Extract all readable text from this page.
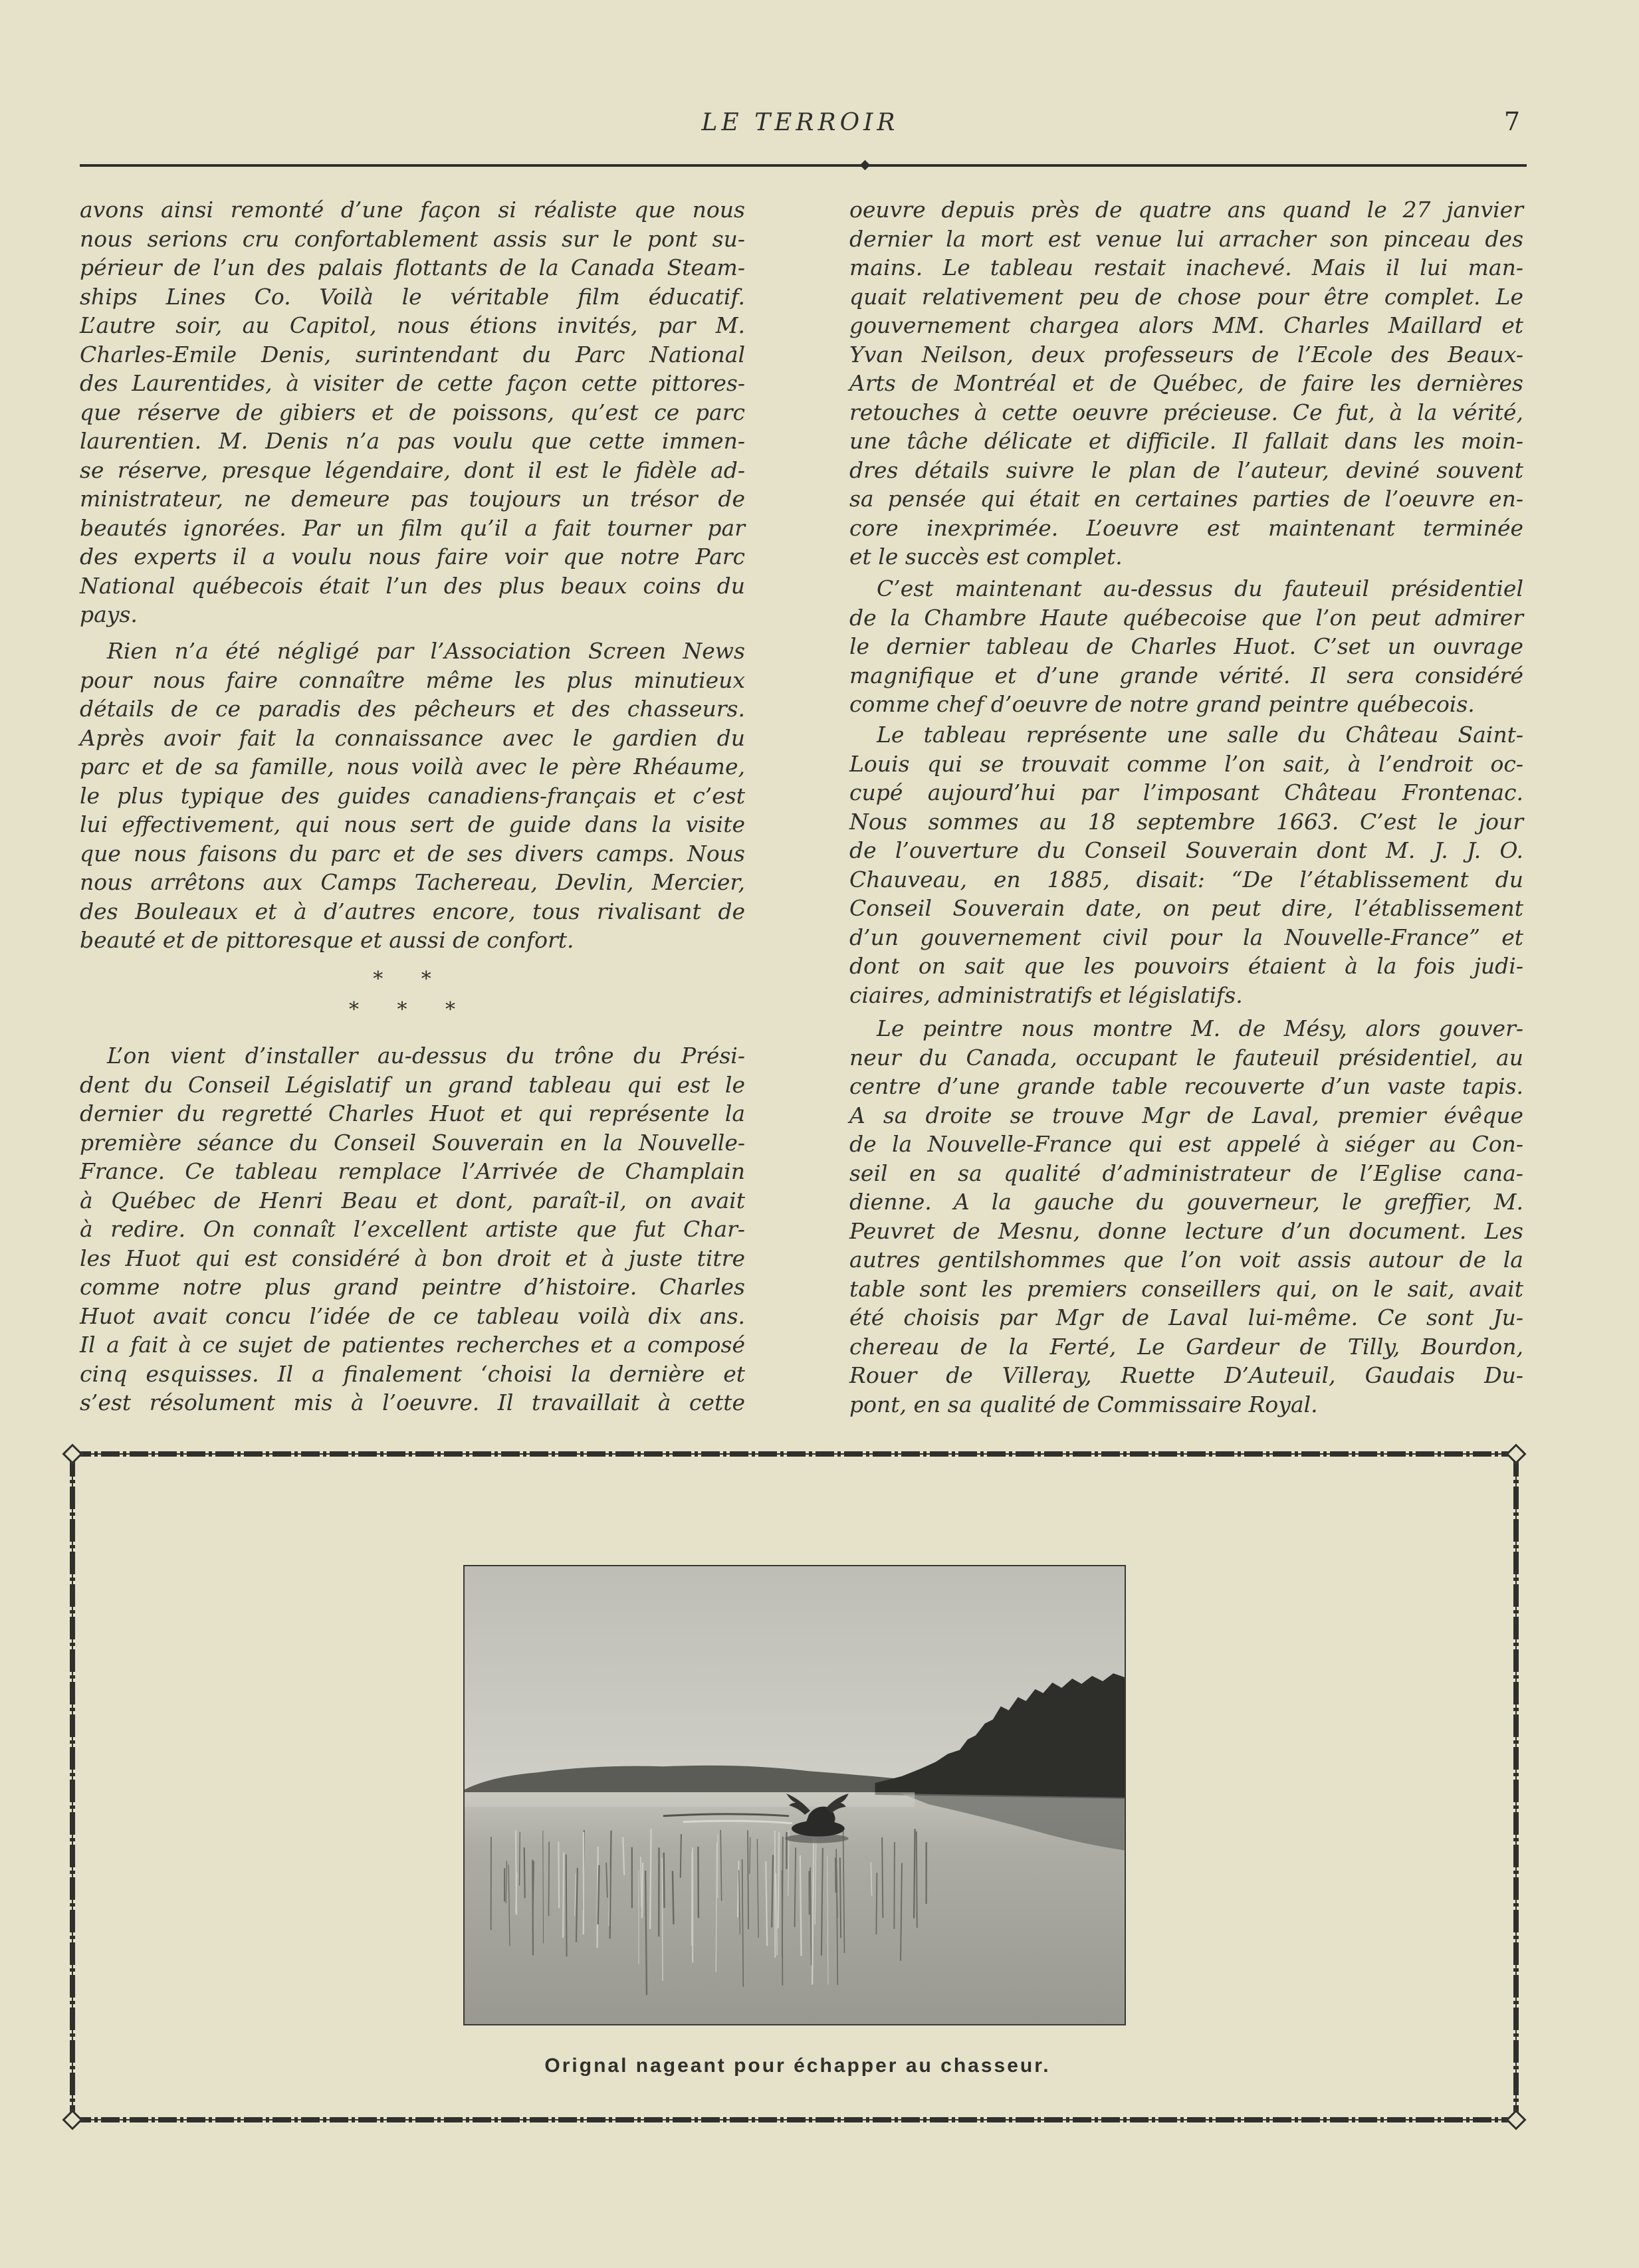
LE TERROIR	7
avons ainsi remonté d’une façon si réaliste que nous
nous serions cru confortablement assis sur le pont su-
périeur de l’un des palais flottants de la Canada Steam-
ships Lines Co. Voilà le véritable film éducatif.
L’autre soir, au Capitol, nous étions invités, par M.
Charles-Emile Denis, surintendant du Parc National
des Laurentides, à visiter de cette façon cette pittores-
que réserve de gibiers et de poissons, qu’est ce parc
laurentien. M. Denis n’a pas voulu que cette immen-
se réserve, presque légendaire, dont il est le fidèle ad-
ministrateur, ne demeure pas toujours un trésor de
beautés ignorées. Par un film qu’il a fait tourner par
des experts il a voulu nous faire voir que notre Parc
National québecois était l’un des plus beaux coins du
pays.
Rien n’a été négligé par l’Association Screen News
pour nous faire connaître même les plus minutieux
détails de ce paradis des pêcheurs et des chasseurs.
Après avoir fait la connaissance avec le gardien du
parc et de sa famille, nous voilà avec le père Rhéaume,
le plus typique des guides canadiens-français et c’est
lui effectivement, qui nous sert de guide dans la visite
que nous faisons du parc et de ses divers camps. Nous
nous arrêtons aux Camps Tachereau, Devlin, Mercier,
des Bouleaux et à d’autres encore, tous rivalisant de
beauté et de pittoresque et aussi de confort.
* *
* * *
L’on vient d’installer au-dessus du trône du Prési-
dent du Conseil Législatif un grand tableau qui est le
dernier du regretté Charles Huot et qui représente la
première séance du Conseil Souverain en la Nouvelle-
France. Ce tableau remplace l’Arrivée de Champlain
à Québec de Henri Beau et dont, paraît-il, on avait
à redire. On connaît l’excellent artiste que fut Char-
les Huot qui est considéré à bon droit et à juste titre
comme notre plus grand peintre d’histoire. Charles
Huot avait concu l’idée de ce tableau voilà dix ans.
Il a fait à ce sujet de patientes recherches et a composé
cinq esquisses. Il a finalement ‘choisi la dernière et
s’est résolument mis à l’oeuvre. Il travaillait à cette
oeuvre depuis près de quatre ans quand le 27 janvier
dernier la mort est venue lui arracher son pinceau des
mains. Le tableau restait inachevé. Mais il lui man-
quait relativement peu de chose pour être complet. Le
gouvernement chargea alors MM. Charles Maillard et
Yvan Neilson, deux professeurs de l’Ecole des Beaux-
Arts de Montréal et de Québec, de faire les dernières
retouches à cette oeuvre précieuse. Ce fut, à la vérité,
une tâche délicate et difficile. Il fallait dans les moin-
dres détails suivre le plan de l’auteur, deviné souvent
sa pensée qui était en certaines parties de l’oeuvre en-
core inexprimée. L’oeuvre est maintenant terminée
et le succès est complet.
C’est maintenant au-dessus du fauteuil présidentiel
de la Chambre Haute québecoise que l’on peut admirer
le dernier tableau de Charles Huot. C’set un ouvrage
magnifique et d’une grande vérité. Il sera considéré
comme chef d’oeuvre de notre grand peintre québecois.
Le tableau représente une salle du Château Saint-
Louis qui se trouvait comme l’on sait, à l’endroit oc-
cupé aujourd’hui par l’imposant Château Frontenac.
Nous sommes au 18 septembre 1663. C’est le jour
de l’ouverture du Conseil Souverain dont M. J. J. O.
Chauveau, en 1885, disait: “De l’établissement du
Conseil Souverain date, on peut dire, l’établissement
d’un gouvernement civil pour la Nouvelle-France” et
dont on sait que les pouvoirs étaient à la fois judi-
ciaires, administratifs et législatifs.
Le peintre nous montre M. de Mésy, alors gouver-
neur du Canada, occupant le fauteuil présidentiel, au
centre d’une grande table recouverte d’un vaste tapis.
A sa droite se trouve Mgr de Laval, premier évêque
de la Nouvelle-France qui est appelé à siéger au Con-
seil en sa qualité d’administrateur de l’Eglise cana-
dienne. A la gauche du gouverneur, le greffier, M.
Peuvret de Mesnu, donne lecture d’un document. Les
autres gentilshommes que l’on voit assis autour de la
table sont les premiers conseillers qui, on le sait, avait
été choisis par Mgr de Laval lui-même. Ce sont Ju-
chereau de la Ferté, Le Gardeur de Tilly, Bourdon,
Rouer de Villeray, Ruette D’Auteuil, Gaudais Du-
pont, en sa qualité de Commissaire Royal.
Orignal nageant pour échapper au chasseur.
